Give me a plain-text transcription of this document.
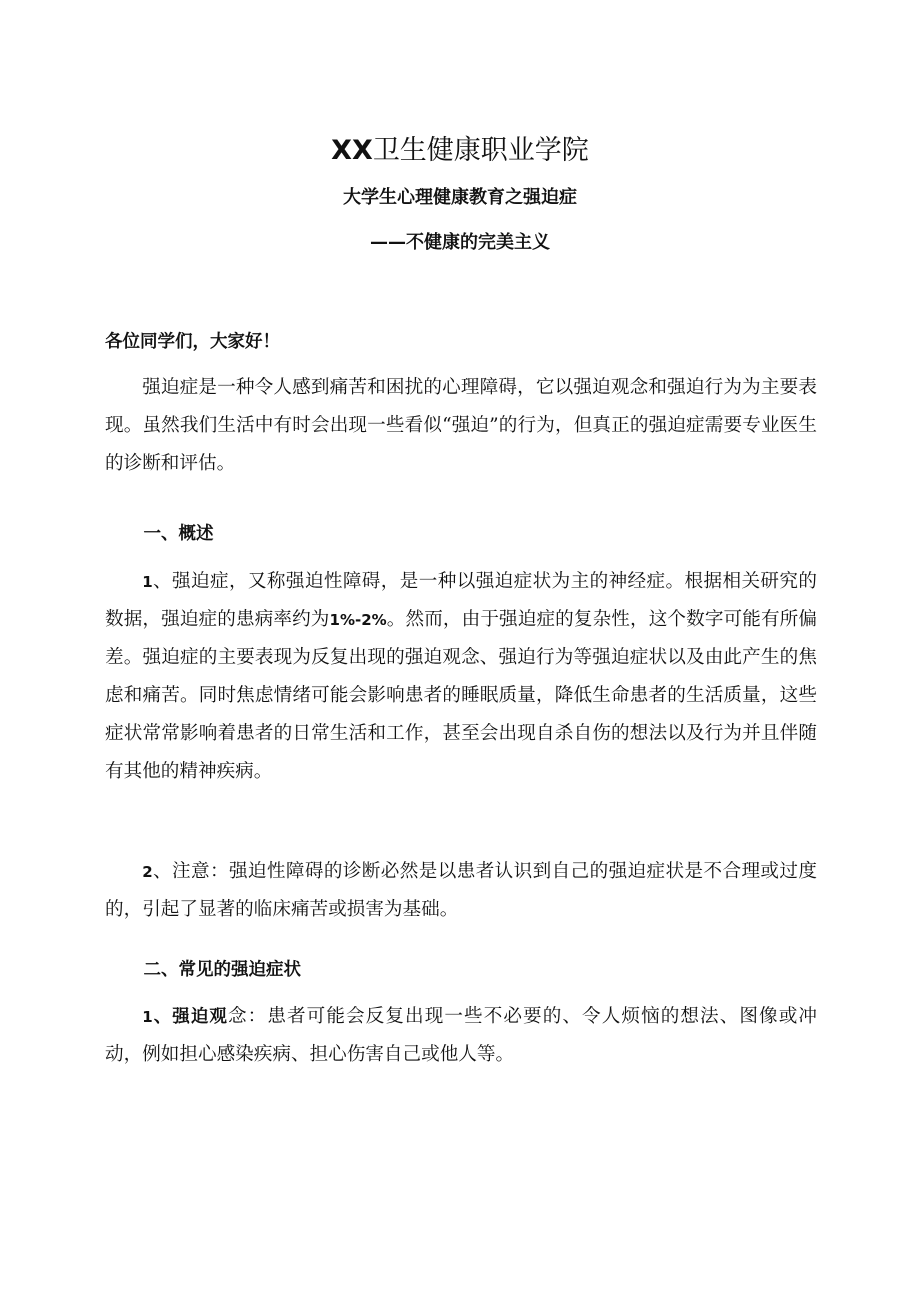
XX卫生健康职业学院
大学生心理健康教育之强迫症
——不健康的完美主义

各位同学们，大家好！

强迫症是一种令人感到痛苦和困扰的心理障碍，它以强迫观念和强迫行为为主要表现。虽然我们生活中有时会出现一些看似“强迫”的行为，但真正的强迫症需要专业医生的诊断和评估。

一、概述

1、强迫症，又称强迫性障碍，是一种以强迫症状为主的神经症。根据相关研究的数据，强迫症的患病率约为1%-2%。然而，由于强迫症的复杂性，这个数字可能有所偏差。强迫症的主要表现为反复出现的强迫观念、强迫行为等强迫症状以及由此产生的焦虑和痛苦。同时焦虑情绪可能会影响患者的睡眠质量，降低生命患者的生活质量，这些症状常常影响着患者的日常生活和工作，甚至会出现自杀自伤的想法以及行为并且伴随有其他的精神疾病。

2、注意：强迫性障碍的诊断必然是以患者认识到自己的强迫症状是不合理或过度的，引起了显著的临床痛苦或损害为基础。

二、常见的强迫症状

1、强迫观念：患者可能会反复出现一些不必要的、令人烦恼的想法、图像或冲动，例如担心感染疾病、担心伤害自己或他人等。
